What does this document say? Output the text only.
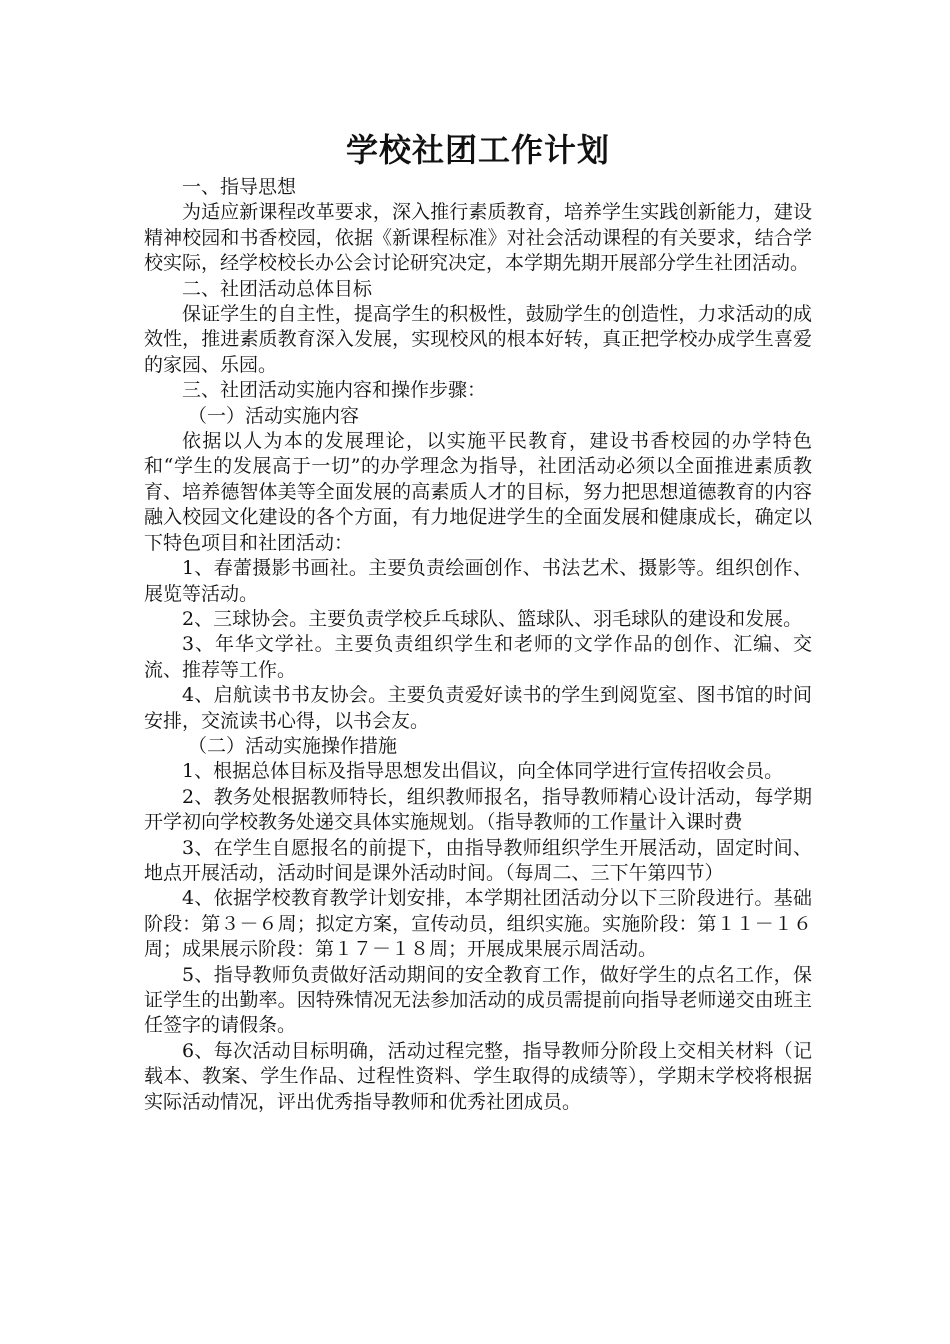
学校社团工作计划

一、指导思想

为适应新课程改革要求，深入推行素质教育，培养学生实践创新能力，建设精神校园和书香校园，依据《新课程标准》对社会活动课程的有关要求，结合学校实际，经学校校长办公会讨论研究决定，本学期先期开展部分学生社团活动。

二、社团活动总体目标

保证学生的自主性，提高学生的积极性，鼓励学生的创造性，力求活动的成效性，推进素质教育深入发展，实现校风的根本好转，真正把学校办成学生喜爱的家园、乐园。

三、社团活动实施内容和操作步骤：

（一）活动实施内容

依据以人为本的发展理论，以实施平民教育，建设书香校园的办学特色和“学生的发展高于一切”的办学理念为指导，社团活动必须以全面推进素质教育、培养德智体美等全面发展的高素质人才的目标，努力把思想道德教育的内容融入校园文化建设的各个方面，有力地促进学生的全面发展和健康成长，确定以下特色项目和社团活动：

1、春蕾摄影书画社。主要负责绘画创作、书法艺术、摄影等。组织创作、展览等活动。

2、三球协会。主要负责学校乒乓球队、篮球队、羽毛球队的建设和发展。

3、年华文学社。主要负责组织学生和老师的文学作品的创作、汇编、交流、推荐等工作。

4、启航读书书友协会。主要负责爱好读书的学生到阅览室、图书馆的时间安排，交流读书心得，以书会友。

（二）活动实施操作措施

1、根据总体目标及指导思想发出倡议，向全体同学进行宣传招收会员。

2、教务处根据教师特长，组织教师报名，指导教师精心设计活动，每学期开学初向学校教务处递交具体实施规划。（指导教师的工作量计入课时费

3、在学生自愿报名的前提下，由指导教师组织学生开展活动，固定时间、地点开展活动，活动时间是课外活动时间。（每周二、三下午第四节）

4、依据学校教育教学计划安排，本学期社团活动分以下三阶段进行。基础阶段：第３－６周；拟定方案，宣传动员，组织实施。实施阶段：第１１－１６周；成果展示阶段：第１７－１８周；开展成果展示周活动。

5、指导教师负责做好活动期间的安全教育工作，做好学生的点名工作，保证学生的出勤率。因特殊情况无法参加活动的成员需提前向指导老师递交由班主任签字的请假条。

6、每次活动目标明确，活动过程完整，指导教师分阶段上交相关材料（记载本、教案、学生作品、过程性资料、学生取得的成绩等），学期末学校将根据实际活动情况，评出优秀指导教师和优秀社团成员。
